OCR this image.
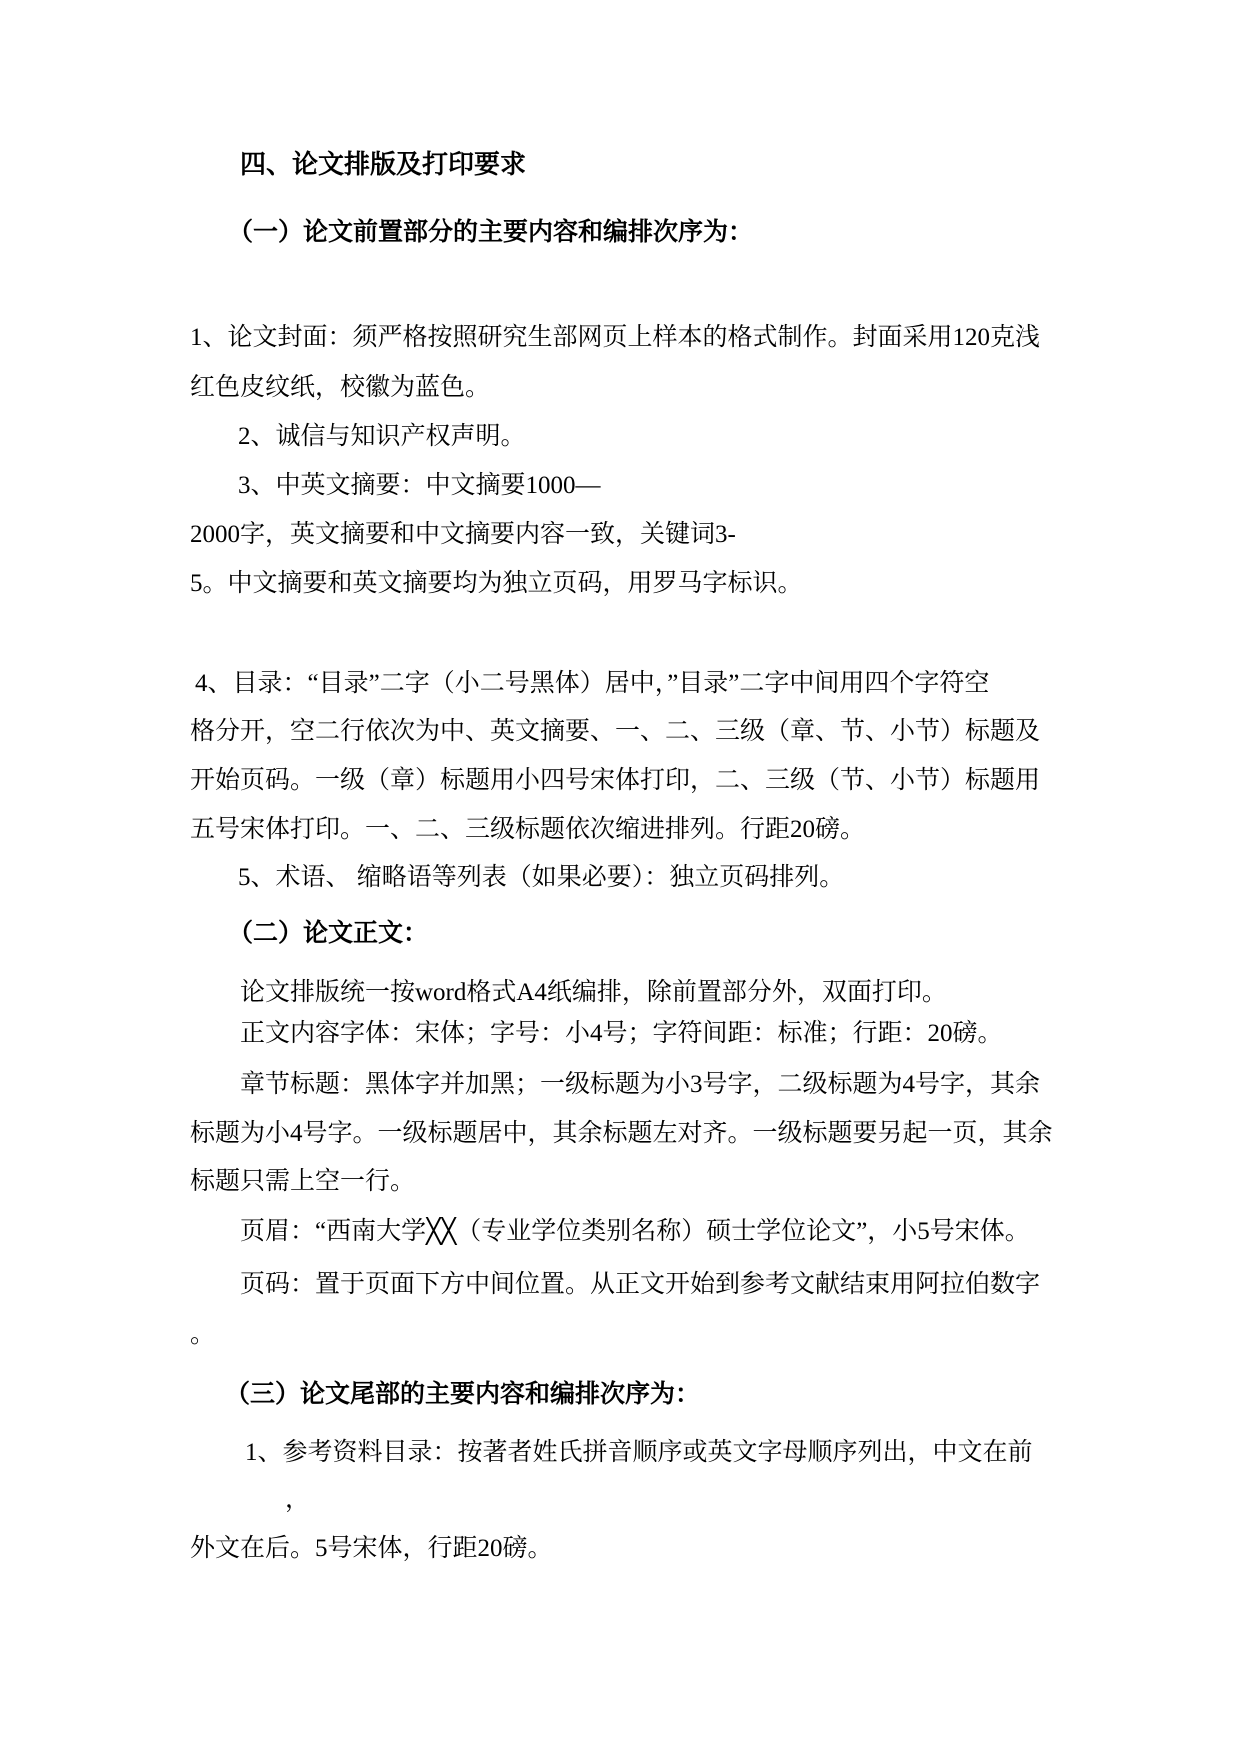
四、论文排版及打印要求
（一）论文前置部分的主要内容和编排次序为：
1、论文封面：须严格按照研究生部网页上样本的格式制作。封面采用120克浅
红色皮纹纸，校徽为蓝色。
2、诚信与知识产权声明。
3、中英文摘要：中文摘要1000—
2000字，英文摘要和中文摘要内容一致，关键词3-
5。中文摘要和英文摘要均为独立页码，用罗马字标识。
4、目录：“目录”二字（小二号黑体）居中，”目录”二字中间用四个字符空
格分开，空二行依次为中、英文摘要、一、二、三级（章、节、小节）标题及
开始页码。一级（章）标题用小四号宋体打印，二、三级（节、小节）标题用
五号宋体打印。一、二、三级标题依次缩进排列。行距20磅。
5、术语、 缩略语等列表（如果必要）：独立页码排列。
（二）论文正文：
论文排版统一按word格式A4纸编排，除前置部分外，双面打印。
正文内容字体：宋体；字号：小4号；字符间距：标准；行距：20磅。
章节标题：黑体字并加黑；一级标题为小3号字，二级标题为4号字，其余
标题为小4号字。一级标题居中，其余标题左对齐。一级标题要另起一页，其余
标题只需上空一行。
页眉：“西南大学╳╳（专业学位类别名称）硕士学位论文”，小5号宋体。
页码：置于页面下方中间位置。从正文开始到参考文献结束用阿拉伯数字
。
（三）论文尾部的主要内容和编排次序为：
1、参考资料目录：按著者姓氏拼音顺序或英文字母顺序列出，中文在前
，
外文在后。5号宋体，行距20磅。
